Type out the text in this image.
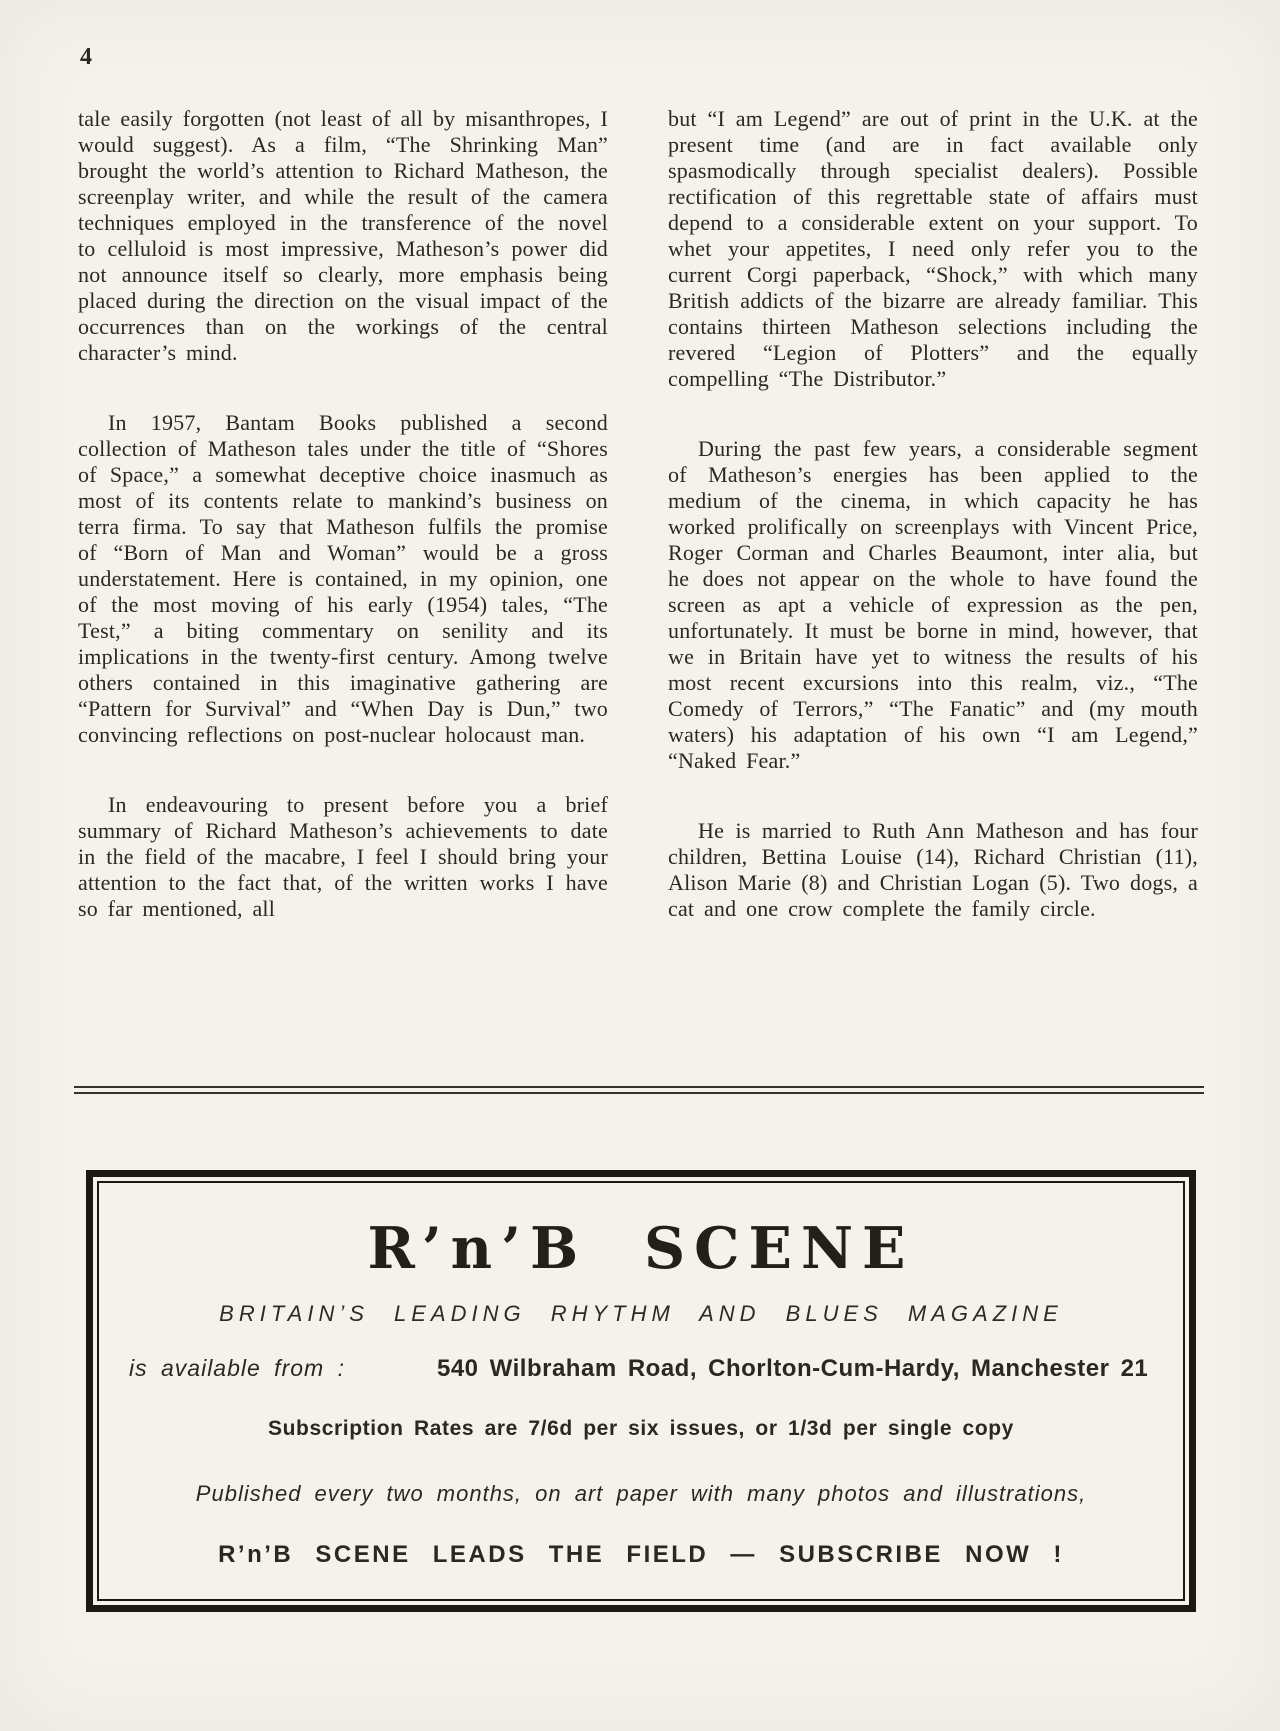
4

tale easily forgotten (not least of all by misanthropes, I would suggest). As a film, “The Shrinking Man” brought the world’s attention to Richard Matheson, the screenplay writer, and while the result of the camera techniques employed in the transference of the novel to celluloid is most impressive, Matheson’s power did not announce itself so clearly, more emphasis being placed during the direction on the visual impact of the occurrences than on the workings of the central character’s mind.

In 1957, Bantam Books published a second collection of Matheson tales under the title of “Shores of Space,” a somewhat deceptive choice inasmuch as most of its contents relate to mankind’s business on terra firma. To say that Matheson fulfils the promise of “Born of Man and Woman” would be a gross understatement. Here is contained, in my opinion, one of the most moving of his early (1954) tales, “The Test,” a biting commentary on senility and its implications in the twenty-first century. Among twelve others contained in this imaginative gathering are “Pattern for Survival” and “When Day is Dun,” two convincing reflections on post-nuclear holocaust man.

In endeavouring to present before you a brief summary of Richard Matheson’s achievements to date in the field of the macabre, I feel I should bring your attention to the fact that, of the written works I have so far mentioned, all

but “I am Legend” are out of print in the U.K. at the present time (and are in fact available only spasmodically through specialist dealers). Possible rectification of this regrettable state of affairs must depend to a considerable extent on your support. To whet your appetites, I need only refer you to the current Corgi paperback, “Shock,” with which many British addicts of the bizarre are already familiar. This contains thirteen Matheson selections including the revered “Legion of Plotters” and the equally compelling “The Distributor.”

During the past few years, a considerable segment of Matheson’s energies has been applied to the medium of the cinema, in which capacity he has worked prolifically on screenplays with Vincent Price, Roger Corman and Charles Beaumont, inter alia, but he does not appear on the whole to have found the screen as apt a vehicle of expression as the pen, unfortunately. It must be borne in mind, however, that we in Britain have yet to witness the results of his most recent excursions into this realm, viz., “The Comedy of Terrors,” “The Fanatic” and (my mouth waters) his adaptation of his own “I am Legend,” “Naked Fear.”

He is married to Ruth Ann Matheson and has four children, Bettina Louise (14), Richard Christian (11), Alison Marie (8) and Christian Logan (5). Two dogs, a cat and one crow complete the family circle.

R’n’B SCENE
BRITAIN’S LEADING RHYTHM AND BLUES MAGAZINE
is available from :	540 Wilbraham Road, Chorlton-Cum-Hardy, Manchester 21
Subscription Rates are 7/6d per six issues, or 1/3d per single copy
Published every two months, on art paper with many photos and illustrations,
R’n’B SCENE LEADS THE FIELD — SUBSCRIBE NOW !
